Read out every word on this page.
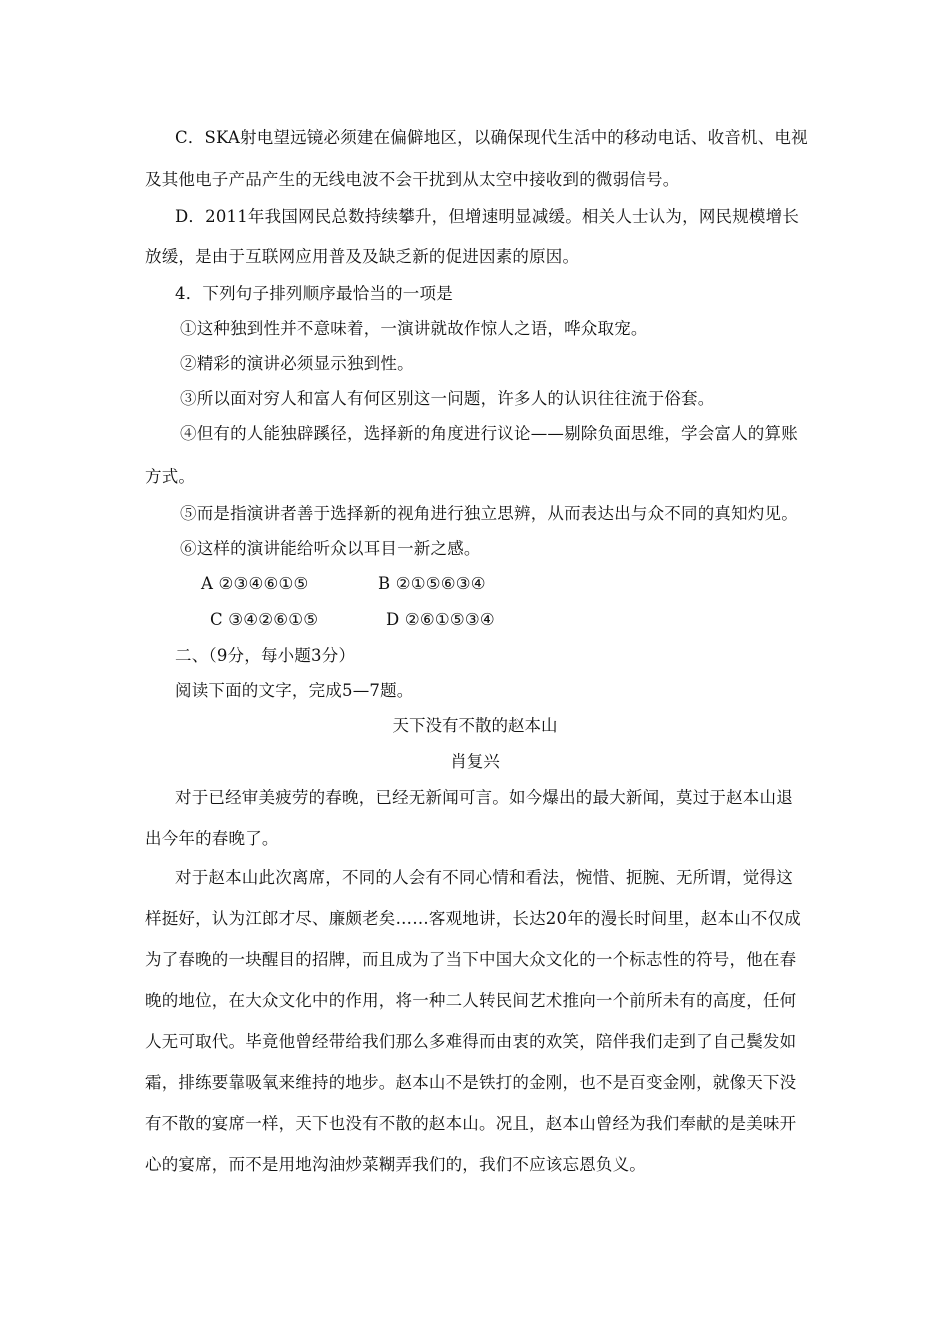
C．SKA射电望远镜必须建在偏僻地区，以确保现代生活中的移动电话、收音机、电视
及其他电子产品产生的无线电波不会干扰到从太空中接收到的微弱信号。
D．2011年我国网民总数持续攀升，但增速明显减缓。相关人士认为，网民规模增长
放缓，是由于互联网应用普及及缺乏新的促进因素的原因。
4．下列句子排列顺序最恰当的一项是
①这种独到性并不意味着，一演讲就故作惊人之语，哗众取宠。
②精彩的演讲必须显示独到性。
③所以面对穷人和富人有何区别这一问题，许多人的认识往往流于俗套。
④但有的人能独辟蹊径，选择新的角度进行议论——剔除负面思维，学会富人的算账
方式。
⑤而是指演讲者善于选择新的视角进行独立思辨，从而表达出与众不同的真知灼见。
⑥这样的演讲能给听众以耳目一新之感。
A ②③④⑥①⑤	B ②①⑤⑥③④
C ③④②⑥①⑤	D ②⑥①⑤③④
二、（9分，每小题3分）
阅读下面的文字，完成5—7题。
天下没有不散的赵本山
肖复兴
对于已经审美疲劳的春晚，已经无新闻可言。如今爆出的最大新闻，莫过于赵本山退
出今年的春晚了。
对于赵本山此次离席，不同的人会有不同心情和看法，惋惜、扼腕、无所谓，觉得这
样挺好，认为江郎才尽、廉颇老矣……客观地讲，长达20年的漫长时间里，赵本山不仅成
为了春晚的一块醒目的招牌，而且成为了当下中国大众文化的一个标志性的符号，他在春
晚的地位，在大众文化中的作用，将一种二人转民间艺术推向一个前所未有的高度，任何
人无可取代。毕竟他曾经带给我们那么多难得而由衷的欢笑，陪伴我们走到了自己鬓发如
霜，排练要靠吸氧来维持的地步。赵本山不是铁打的金刚，也不是百变金刚，就像天下没
有不散的宴席一样，天下也没有不散的赵本山。况且，赵本山曾经为我们奉献的是美味开
心的宴席，而不是用地沟油炒菜糊弄我们的，我们不应该忘恩负义。
